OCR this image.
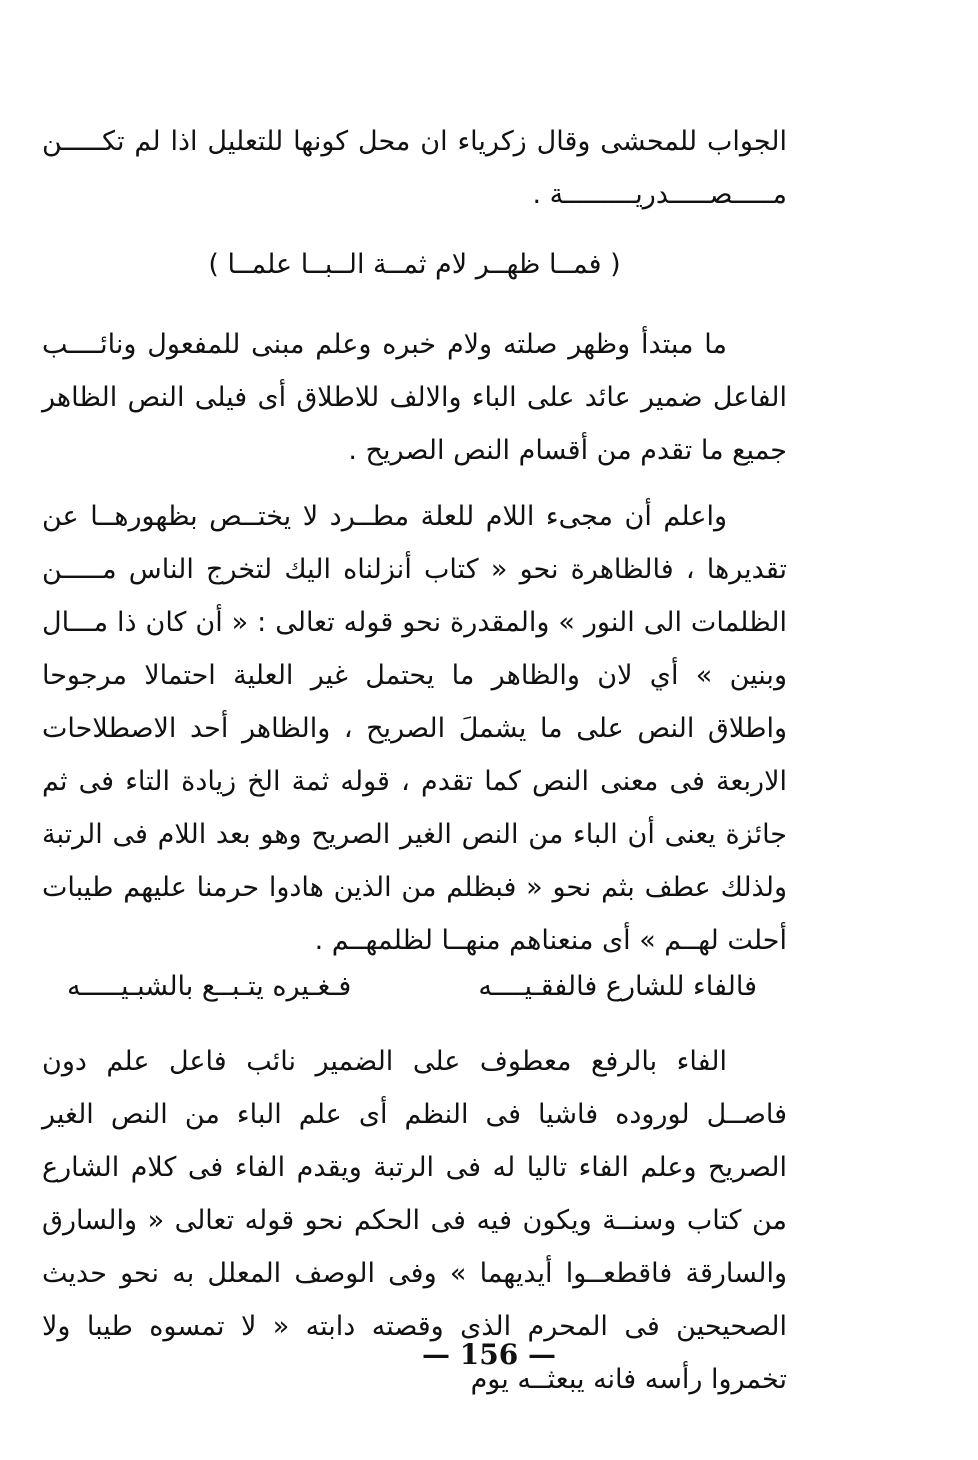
الجواب للمحشى وقال زكرياء ان محل كونها للتعليل اذا لم تكـــــن مـــــصـــــدريـــــــــة .

( فمــا ظهــر لام ثمــة الــبــا علمــا )

ما مبتدأ وظهر صلته ولام خبره وعلم مبنى للمفعول ونائــــب الفاعل ضمير عائد على الباء والالف للاطلاق أى فيلى النص الظاهر جميع ما تقدم من أقسام النص الصريح .

واعلم أن مجىء اللام للعلة مطــرد لا يختــص بظهورهــا عن تقديرها ، فالظاهرة نحو « كتاب أنزلناه اليك لتخرج الناس مـــــن الظلمات الى النور » والمقدرة نحو قوله تعالى : « أن كان ذا مـــال وبنين » أي لان والظاهر ما يحتمل غير العلية احتمالا مرجوحا واطلاق النص على ما يشملَ الصريح ، والظاهر أحد الاصطلاحات الاربعة فى معنى النص كما تقدم ، قوله ثمة الخ زيادة التاء فى ثم جائزة يعنى أن الباء من النص الغير الصريح وهو بعد اللام فى الرتبة ولذلك عطف بثم نحو « فبظلم من الذين هادوا حرمنا عليهم طيبات أحلت لهــم » أى منعناهم منهــا لظلمهــم .

فالفاء للشارع فالفقـيــــه
فـغـيره يتـبــع بالشبـيـــــه

الفاء بالرفع معطوف على الضمير نائب فاعل علم دون فاصــل لوروده فاشيا فى النظم أى علم الباء من النص الغير الصريح وعلم الفاء تاليا له فى الرتبة ويقدم الفاء فى كلام الشارع من كتاب وسنــة ويكون فيه فى الحكم نحو قوله تعالى « والسارق والسارقة فاقطعــوا أيديهما » وفى الوصف المعلل به نحو حديث الصحيحين فى المحرم الذى وقصته دابته « لا تمسوه طيبا ولا تخمروا رأسه فانه يبعثــه يوم

— 156 —
